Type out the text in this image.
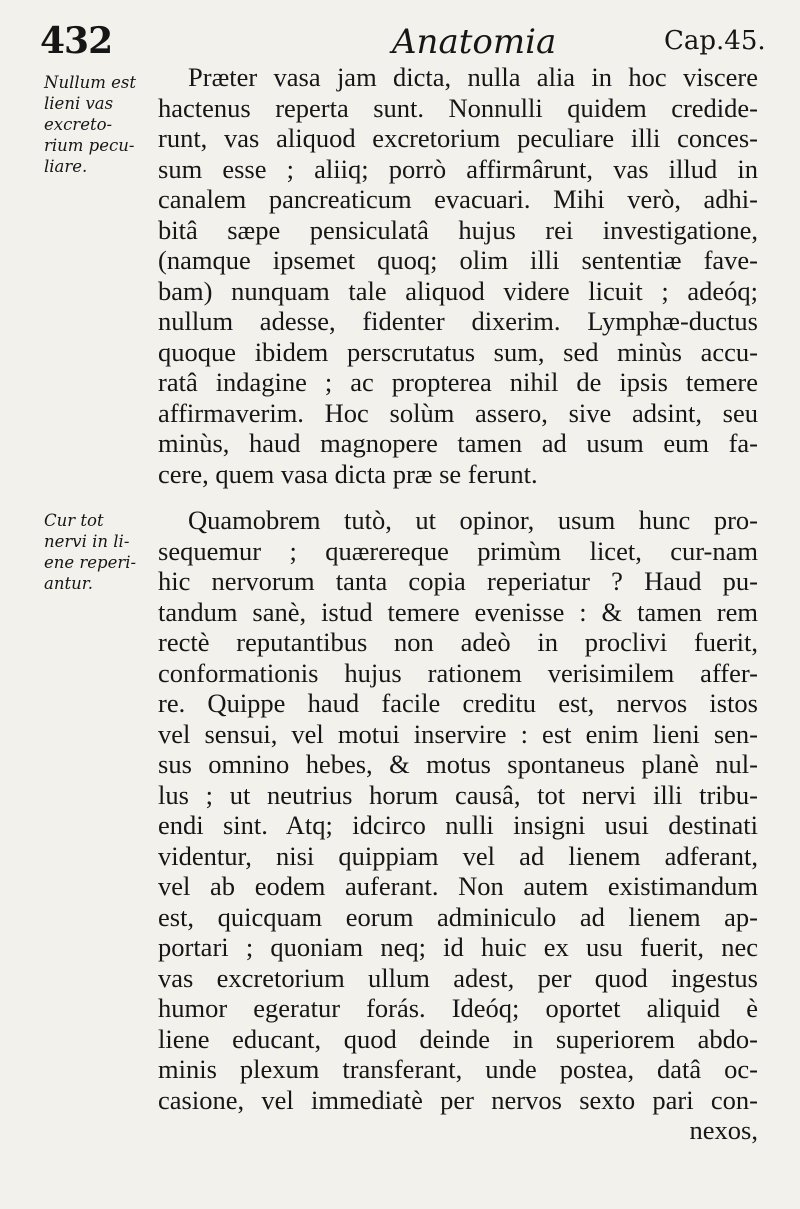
432	Anatomia	Cap.45.
Nullum est
lieni vas
excreto-
rium pecu-
liare.
Cur tot
nervi in li-
ene reperi-
antur.
Præter vasa jam dicta, nulla alia in hoc viscere
hactenus reperta sunt. Nonnulli quidem credide-
runt, vas aliquod excretorium peculiare illi conces-
sum esse ; aliiq; porrò affirmârunt, vas illud in
canalem pancreaticum evacuari. Mihi verò, adhi-
bitâ sæpe pensiculatâ hujus rei investigatione,
(namque ipsemet quoq; olim illi sententiæ fave-
bam) nunquam tale aliquod videre licuit ; adeóq;
nullum adesse, fidenter dixerim. Lymphæ-ductus
quoque ibidem perscrutatus sum, sed minùs accu-
ratâ indagine ; ac propterea nihil de ipsis temere
affirmaverim. Hoc solùm assero, sive adsint, seu
minùs, haud magnopere tamen ad usum eum fa-
cere, quem vasa dicta præ se ferunt.
Quamobrem tutò, ut opinor, usum hunc pro-
sequemur ; quærereque primùm licet, cur-nam
hic nervorum tanta copia reperiatur ? Haud pu-
tandum sanè, istud temere evenisse : & tamen rem
rectè reputantibus non adeò in proclivi fuerit,
conformationis hujus rationem verisimilem affer-
re. Quippe haud facile creditu est, nervos istos
vel sensui, vel motui inservire : est enim lieni sen-
sus omnino hebes, & motus spontaneus planè nul-
lus ; ut neutrius horum causâ, tot nervi illi tribu-
endi sint. Atq; idcirco nulli insigni usui destinati
videntur, nisi quippiam vel ad lienem adferant,
vel ab eodem auferant. Non autem existimandum
est, quicquam eorum adminiculo ad lienem ap-
portari ; quoniam neq; id huic ex usu fuerit, nec
vas excretorium ullum adest, per quod ingestus
humor egeratur forás. Ideóq; oportet aliquid è
liene educant, quod deinde in superiorem abdo-
minis plexum transferant, unde postea, datâ oc-
casione, vel immediatè per nervos sexto pari con-
nexos,
